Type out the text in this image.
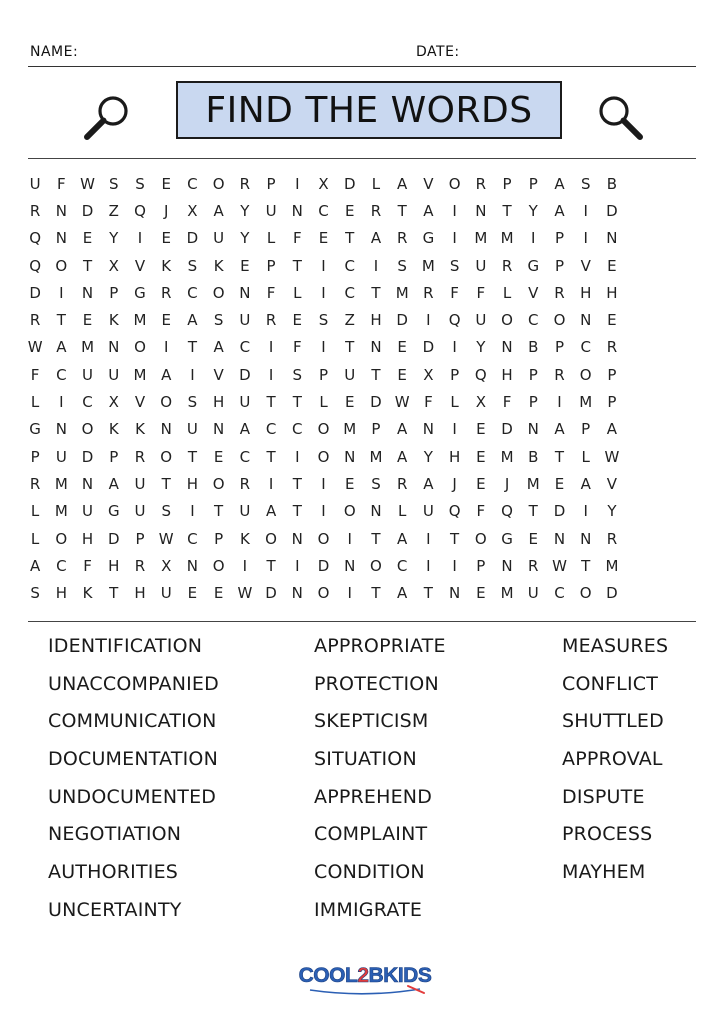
NAME:	DATE:
FIND THE WORDS
U	F W S	S	E	C	O	R	P	I	X	D	L	A	V	O	R	P	P	A	S	B
R	N D	Z	Q	J	X	A	Y	U	N	C	E	R	T	A	I	N	T	Y	A	I	D
Q N	E	Y	I	E	D U	Y	L	F	E	T	A	R	G	I	M M	I	P	I	N
Q O	T	X	V	K	S	K	E	P	T	I	C	I	S M S	U	R	G	P	V	E
D	I	N	P	G	R	C	O N	F	L	I	C	T	M R	F	F	L	V	R	H H
R	T	E	K M	E	A	S	U	R	E	S	Z	H D	I	Q U O	C	O N	E
W A M N O	I	T	A	C	I	F	I	T	N	E	D	I	Y	N	B	P	C	R
F	C	U	U M A	I	V	D	I	S	P	U	T	E	X	P	Q H	P	R	O	P
L	I	C	X	V	O	S	H	U	T	T	L	E	D W F	L	X	F	P	I	M	P
G N O	K	K	N	U	N	A	C	C	O M	P	A	N	I	E	D N	A	P	A
P	U D	P	R	O	T	E	C	T	I	O N M A	Y	H	E	M B	T	L W
R M N	A	U	T	H O	R	I	T	I	E	S	R	A	J	E	J	M	E	A	V
L	M U G U	S	I	T	U	A	T	I	O N	L	U Q	F	Q	T	D	I	Y
L	O H D	P W C	P	K	O N O	I	T	A	I	T	O G	E	N N	R
A	C	F	H	R	X	N O	I	T	I	D N O	C	I	I	P	N	R W T	M
S	H	K	T	H	U	E	E W D N O	I	T	A	T	N	E	M U	C	O D
IDENTIFICATION
UNACCOMPANIED
COMMUNICATION
DOCUMENTATION
UNDOCUMENTED
NEGOTIATION
AUTHORITIES
UNCERTAINTY
APPROPRIATE
PROTECTION
SKEPTICISM
SITUATION
APPREHEND
COMPLAINT
CONDITION
IMMIGRATE
MEASURES
CONFLICT
SHUTTLED
APPROVAL
DISPUTE
PROCESS
MAYHEM
COOL2BKIDS
